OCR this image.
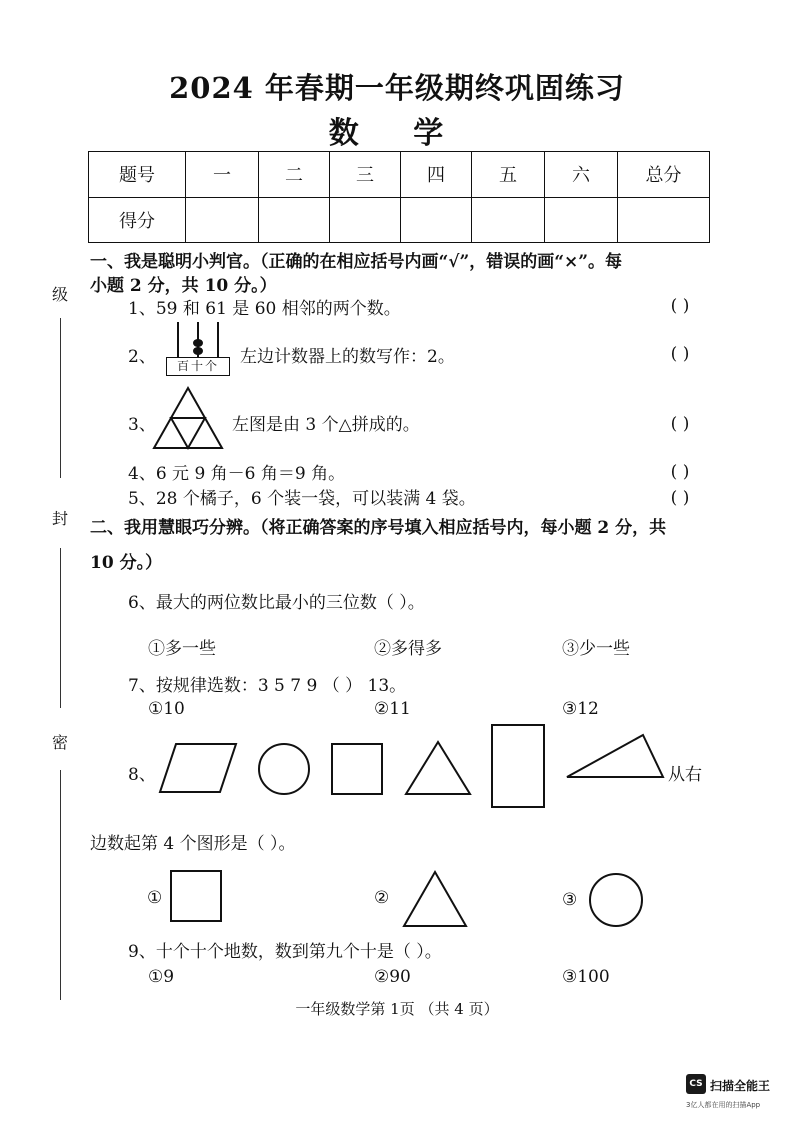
2024 年春期一年级期终巩固练习
数 学
题号	一	二	三	四	五	六	总分
得分							
级
封
密
一、我是聪明小判官。（正确的在相应括号内画“√”，错误的画“×”。每
小题 2 分，共 10 分。）
1、59 和 61 是 60 相邻的两个数。	( )
2、	百十个	左边计数器上的数写作：2。	( )
3、	左图是由 3 个△拼成的。	( )
4、6 元 9 角－6 角＝9 角。	( )
5、28 个橘子，6 个装一袋，可以装满 4 袋。	( )
二、我用慧眼巧分辨。（将正确答案的序号填入相应括号内，每小题 2 分，共
10 分。）
6、最大的两位数比最小的三位数（ ）。
①多一些	②多得多	③少一些
7、按规律选数：3 5 7 9 （ ） 13。
①10	②11	③12
8、	从右
边数起第 4 个图形是（ ）。
①	②	③
9、十个十个地数，数到第九个十是（ ）。
①9	②90	③100
一年级数学第 1页 （共 4 页）
CS 扫描全能王
3亿人都在用的扫描App
